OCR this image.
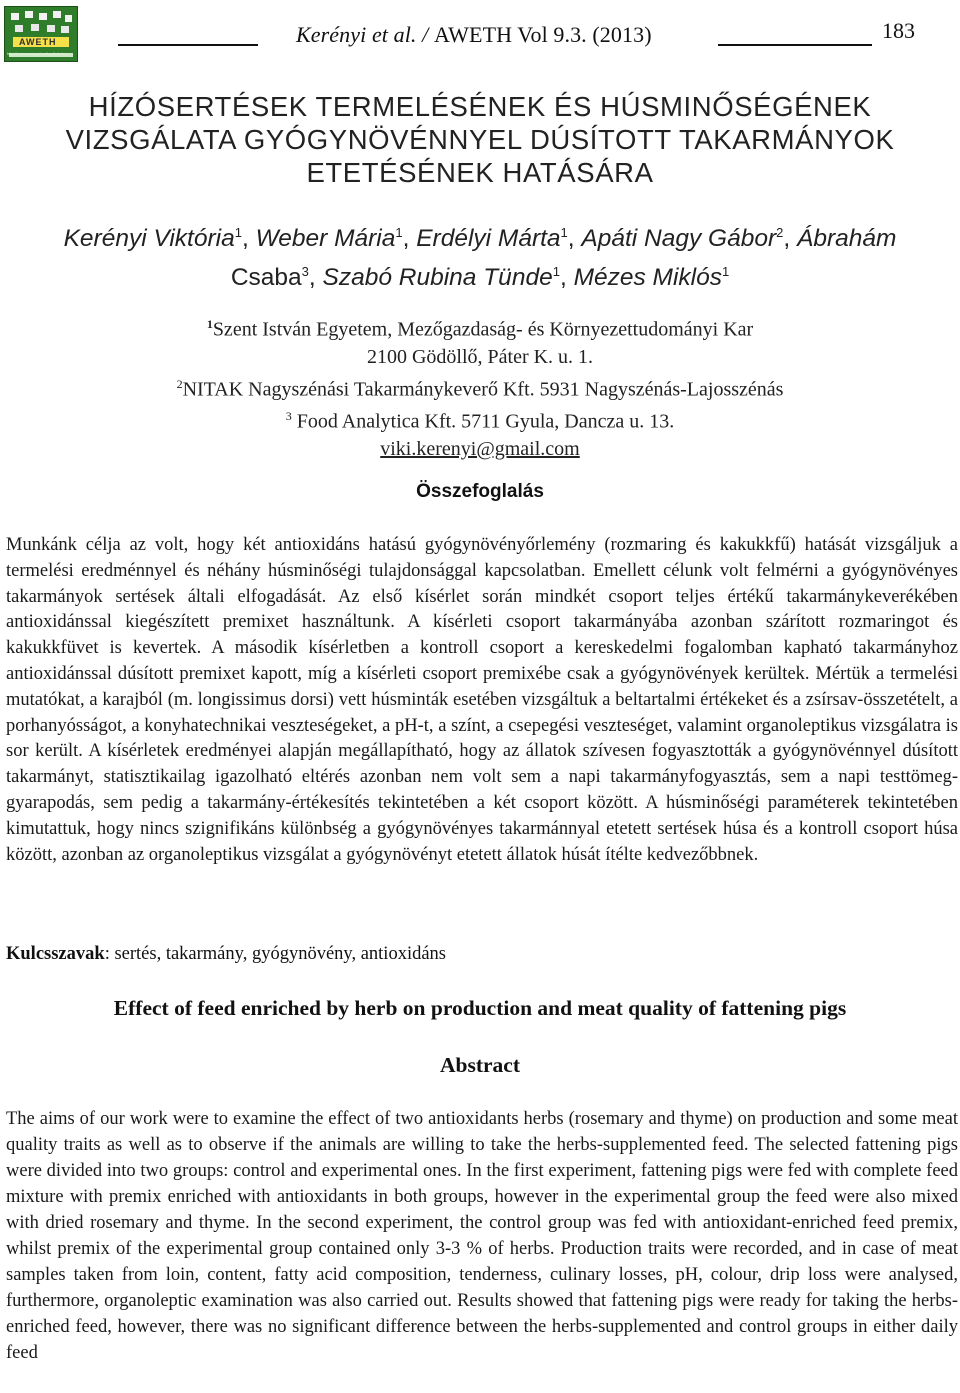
AWETH
http://www.anyagebvattagikelo.hu
Kerényi et al. / AWETH Vol 9.3. (2013)	183
HÍZÓSERTÉSEK TERMELÉSÉNEK ÉS HÚSMINŐSÉGÉNEK
VIZSGÁLATA GYÓGYNÖVÉNNYEL DÚSÍTOTT TAKARMÁNYOK
ETETÉSÉNEK HATÁSÁRA
Kerényi Viktória$^1$, Weber Mária$^1$, Erdélyi Márta$^1$, Apáti Nagy Gábor$^2$, Ábrahám
Csaba$^3$, Szabó Rubina Tünde$^1$, Mézes Miklós$^1$
$^1$Szent István Egyetem, Mezőgazdaság- és Környezettudományi Kar
2100 Gödöllő, Páter K. u. 1.
$^2$NITAK Nagyszénási Takarmánykeverő Kft. 5931 Nagyszénás-Lajosszénás
$^3$ Food Analytica Kft. 5711 Gyula, Dancza u. 13.
viki.kerenyi@gmail.com
Összefoglalás
Munkánk célja az volt, hogy két antioxidáns hatású gyógynövényőrlemény (rozmaring és kakukkfű) hatását vizsgáljuk a termelési eredménnyel és néhány húsminőségi tulajdonsággal kapcsolatban. Emellett célunk volt felmérni a gyógynövényes takarmányok sertések általi elfogadását. Az első kísérlet során mindkét csoport teljes értékű takarmánykeverékében antioxidánssal kiegészített premixet használtunk. A kísérleti csoport takarmányába azonban szárított rozmaringot és kakukkfüvet is kevertek. A második kísérletben a kontroll csoport a kereskedelmi fogalomban kapható takarmányhoz antioxidánssal dúsított premixet kapott, míg a kísérleti csoport premixébe csak a gyógynövények kerültek. Mértük a termelési mutatókat, a karajból (m. longissimus dorsi) vett húsminták esetében vizsgáltuk a beltartalmi értékeket és a zsírsav-összetételt, a porhanyósságot, a konyhatechnikai veszteségeket, a pH-t, a színt, a csepegési veszteséget, valamint organoleptikus vizsgálatra is sor került. A kísérletek eredményei alapján megállapítható, hogy az állatok szívesen fogyasztották a gyógynövénnyel dúsított takarmányt, statisztikailag igazolható eltérés azonban nem volt sem a napi takarmányfogyasztás, sem a napi testtömeg-gyarapodás, sem pedig a takarmány-értékesítés tekintetében a két csoport között. A húsminőségi paraméterek tekintetében kimutattuk, hogy nincs szignifikáns különbség a gyógynövényes takarmánnyal etetett sertések húsa és a kontroll csoport húsa között, azonban az organoleptikus vizsgálat a gyógynövényt etetett állatok húsát ítélte kedvezőbbnek.
Kulcsszavak: sertés, takarmány, gyógynövény, antioxidáns
Effect of feed enriched by herb on production and meat quality of fattening pigs
Abstract
The aims of our work were to examine the effect of two antioxidants herbs (rosemary and thyme) on production and some meat quality traits as well as to observe if the animals are willing to take the herbs-supplemented feed. The selected fattening pigs were divided into two groups: control and experimental ones. In the first experiment, fattening pigs were fed with complete feed mixture with premix enriched with antioxidants in both groups, however in the experimental group the feed were also mixed with dried rosemary and thyme. In the second experiment, the control group was fed with antioxidant-enriched feed premix, whilst premix of the experimental group contained only 3-3 % of herbs. Production traits were recorded, and in case of meat samples taken from loin, content, fatty acid composition, tenderness, culinary losses, pH, colour, drip loss were analysed, furthermore, organoleptic examination was also carried out. Results showed that fattening pigs were ready for taking the herbs-enriched feed, however, there was no significant difference between the herbs-supplemented and control groups in either daily feed
